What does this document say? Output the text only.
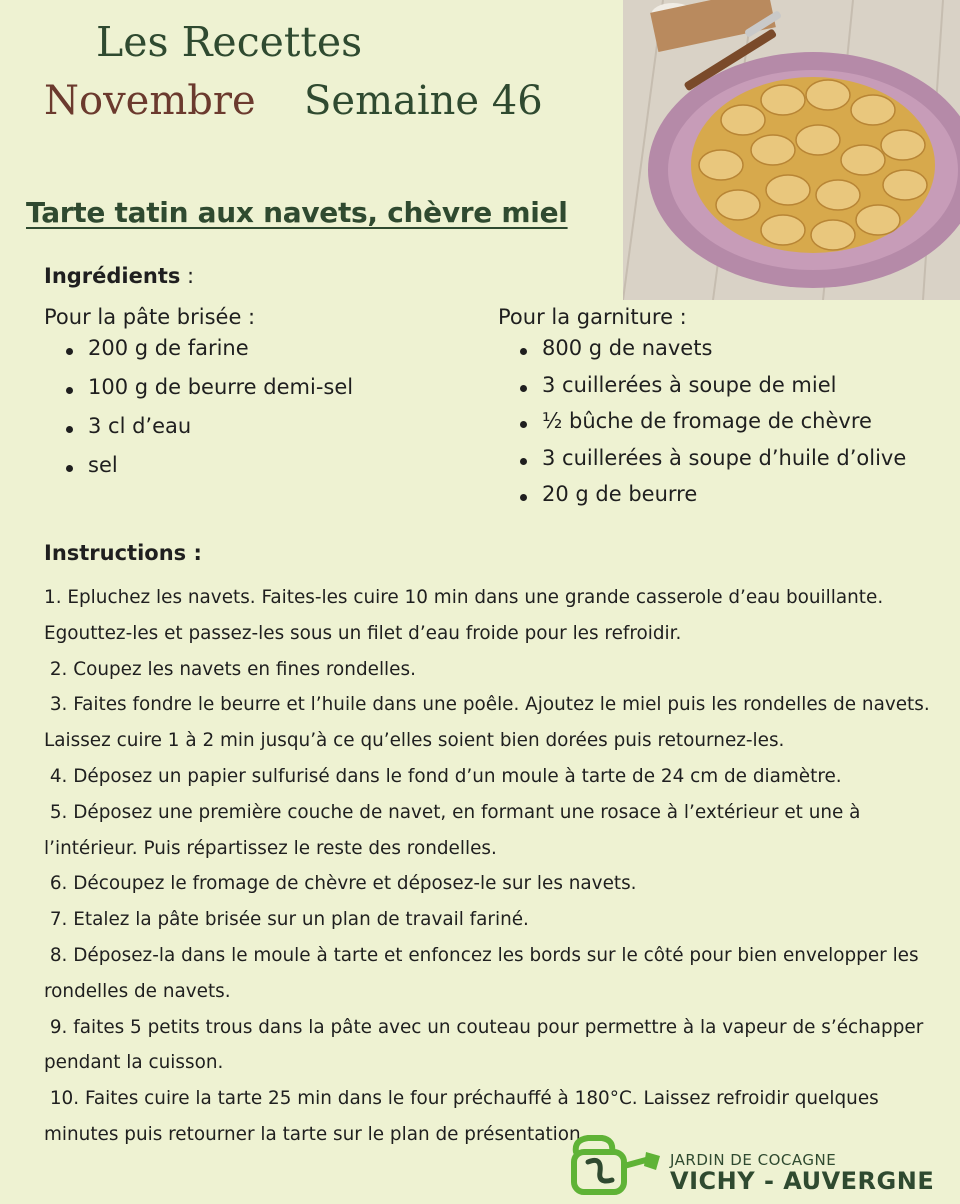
Les Recettes
Novembre Semaine 46
Tarte tatin aux navets, chèvre miel
Ingrédients :
Pour la pâte brisée :
200 g de farine
100 g de beurre demi-sel
3 cl d’eau
sel
Pour la garniture :
800 g de navets
3 cuillerées à soupe de miel
½ bûche de fromage de chèvre
3 cuillerées à soupe d’huile d’olive
20 g de beurre
Instructions :

1. Epluchez les navets. Faites-les cuire 10 min dans une grande casserole d’eau bouillante. Egouttez-les et passez-les sous un filet d’eau froide pour les refroidir.

2. Coupez les navets en fines rondelles.

3. Faites fondre le beurre et l’huile dans une poêle. Ajoutez le miel puis les rondelles de navets. Laissez cuire 1 à 2 min jusqu’à ce qu’elles soient bien dorées puis retournez-les.

4. Déposez un papier sulfurisé dans le fond d’un moule à tarte de 24 cm de diamètre.

5. Déposez une première couche de navet, en formant une rosace à l’extérieur et une à l’intérieur. Puis répartissez le reste des rondelles.

6. Découpez le fromage de chèvre et déposez-le sur les navets.

7. Etalez la pâte brisée sur un plan de travail fariné.

8. Déposez-la dans le moule à tarte et enfoncez les bords sur le côté pour bien envelopper les rondelles de navets.

9. faites 5 petits trous dans la pâte avec un couteau pour permettre à la vapeur de s’échapper pendant la cuisson.

10. Faites cuire la tarte 25 min dans le four préchauffé à 180°C. Laissez refroidir quelques minutes puis retourner la tarte sur le plan de présentation.

JARDIN DE COCAGNE
VICHY - AUVERGNE
